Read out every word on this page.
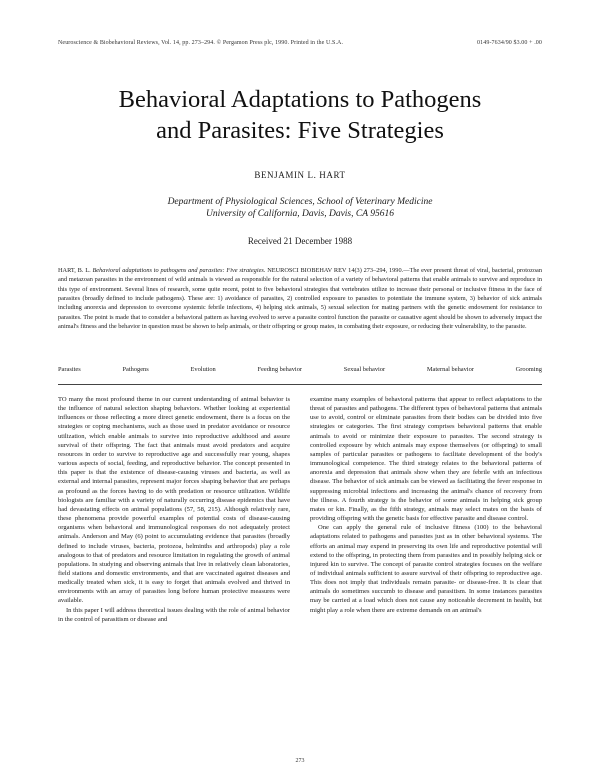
Neuroscience & Biobehavioral Reviews, Vol. 14, pp. 273–294. © Pergamon Press plc, 1990. Printed in the U.S.A.	0149-7634/90 $3.00 + .00
Behavioral Adaptations to Pathogens
and Parasites: Five Strategies
BENJAMIN L. HART
Department of Physiological Sciences, School of Veterinary Medicine
University of California, Davis, Davis, CA 95616
Received 21 December 1988
HART, B. L. Behavioral adaptations to pathogens and parasites: Five strategies. NEUROSCI BIOBEHAV REV 14(3) 273–294, 1990.—The ever present threat of viral, bacterial, protozoan and metazoan parasites in the environment of wild animals is viewed as responsible for the natural selection of a variety of behavioral patterns that enable animals to survive and reproduce in this type of environment. Several lines of research, some quite recent, point to five behavioral strategies that vertebrates utilize to increase their personal or inclusive fitness in the face of parasites (broadly defined to include pathogens). These are: 1) avoidance of parasites, 2) controlled exposure to parasites to potentiate the immune system, 3) behavior of sick animals including anorexia and depression to overcome systemic febrile infections, 4) helping sick animals, 5) sexual selection for mating partners with the genetic endowment for resistance to parasites. The point is made that to consider a behavioral pattern as having evolved to serve a parasite control function the parasite or causative agent should be shown to adversely impact the animal's fitness and the behavior in question must be shown to help animals, or their offspring or group mates, in combating their exposure, or reducing their vulnerability, to the parasite.
Parasites	Pathogens	Evolution	Feeding behavior	Sexual behavior	Maternal behavior	Grooming

TO many the most profound theme in our current understanding of animal behavior is the influence of natural selection shaping behaviors. Whether looking at experiential influences or those reflecting a more direct genetic endowment, there is a focus on the strategies or coping mechanisms, such as those used in predator avoidance or resource utilization, which enable animals to survive into reproductive adulthood and assure survival of their offspring. The fact that animals must avoid predators and acquire resources in order to survive to reproductive age and successfully rear young, shapes various aspects of social, feeding, and reproductive behavior. The concept presented in this paper is that the existence of disease-causing viruses and bacteria, as well as external and internal parasites, represent major forces shaping behavior that are perhaps as profound as the forces having to do with predation or resource utilization. Wildlife biologists are familiar with a variety of naturally occurring disease epidemics that have had devastating effects on animal populations (57, 58, 215). Although relatively rare, these phenomena provide powerful examples of potential costs of disease-causing organisms when behavioral and immunological responses do not adequately protect animals. Anderson and May (6) point to accumulating evidence that parasites (broadly defined to include viruses, bacteria, protozoa, helminths and arthropods) play a role analogous to that of predators and resource limitation in regulating the growth of animal populations. In studying and observing animals that live in relatively clean laboratories, field stations and domestic environments, and that are vaccinated against diseases and medically treated when sick, it is easy to forget that animals evolved and thrived in environments with an array of parasites long before human protective measures were available.

In this paper I will address theoretical issues dealing with the role of animal behavior in the control of parasitism or disease and

examine many examples of behavioral patterns that appear to reflect adaptations to the threat of parasites and pathogens. The different types of behavioral patterns that animals use to avoid, control or eliminate parasites from their bodies can be divided into five strategies or categories. The first strategy comprises behavioral patterns that enable animals to avoid or minimize their exposure to parasites. The second strategy is controlled exposure by which animals may expose themselves (or offspring) to small samples of particular parasites or pathogens to facilitate development of the body's immunological competence. The third strategy relates to the behavioral patterns of anorexia and depression that animals show when they are febrile with an infectious disease. The behavior of sick animals can be viewed as facilitating the fever response in suppressing microbial infections and increasing the animal's chance of recovery from the illness. A fourth strategy is the behavior of some animals in helping sick group mates or kin. Finally, as the fifth strategy, animals may select mates on the basis of providing offspring with the genetic basis for effective parasite and disease control.

One can apply the general rule of inclusive fitness (100) to the behavioral adaptations related to pathogens and parasites just as in other behavioral systems. The efforts an animal may expend in preserving its own life and reproductive potential will extend to the offspring, in protecting them from parasites and in possibly helping sick or injured kin to survive. The concept of parasite control strategies focuses on the welfare of individual animals sufficient to assure survival of their offspring to reproductive age. This does not imply that individuals remain parasite- or disease-free. It is clear that animals do sometimes succumb to disease and parasitism. In some instances parasites may be carried at a load which does not cause any noticeable decrement in health, but might play a role when there are extreme demands on an animal's

273
